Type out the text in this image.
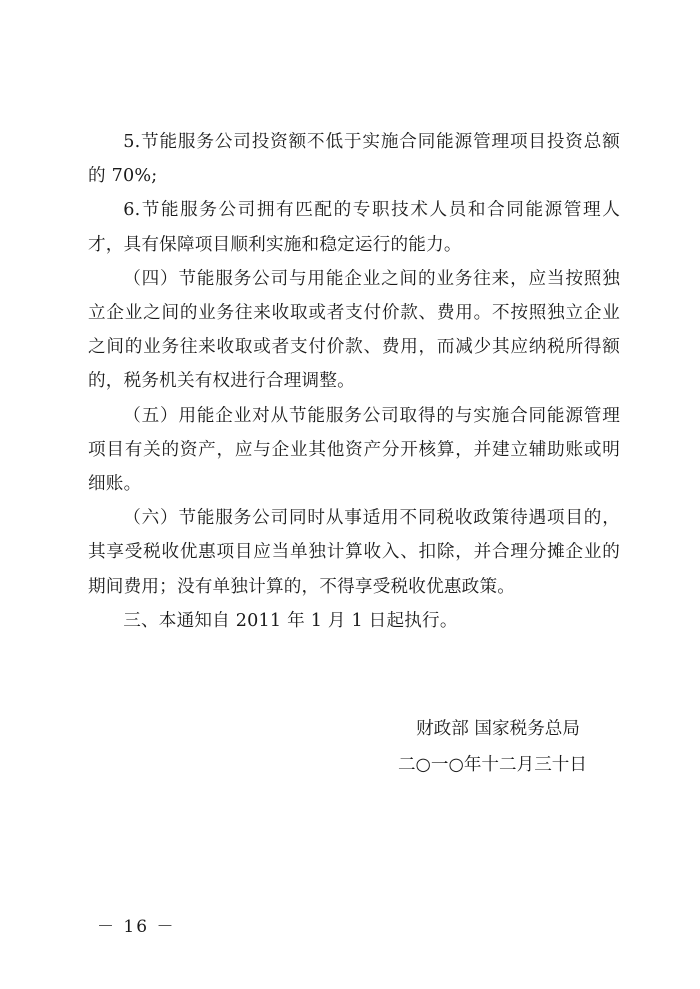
5.节能服务公司投资额不低于实施合同能源管理项目投资总额的 70%;

6.节能服务公司拥有匹配的专职技术人员和合同能源管理人才，具有保障项目顺利实施和稳定运行的能力。

（四）节能服务公司与用能企业之间的业务往来，应当按照独立企业之间的业务往来收取或者支付价款、费用。不按照独立企业之间的业务往来收取或者支付价款、费用，而减少其应纳税所得额的，税务机关有权进行合理调整。

（五）用能企业对从节能服务公司取得的与实施合同能源管理项目有关的资产，应与企业其他资产分开核算，并建立辅助账或明细账。

（六）节能服务公司同时从事适用不同税收政策待遇项目的，其享受税收优惠项目应当单独计算收入、扣除，并合理分摊企业的期间费用；没有单独计算的，不得享受税收优惠政策。

三、本通知自 2011 年 1 月 1 日起执行。

财政部 国家税务总局

二○一○年十二月三十日

－ 16 －
